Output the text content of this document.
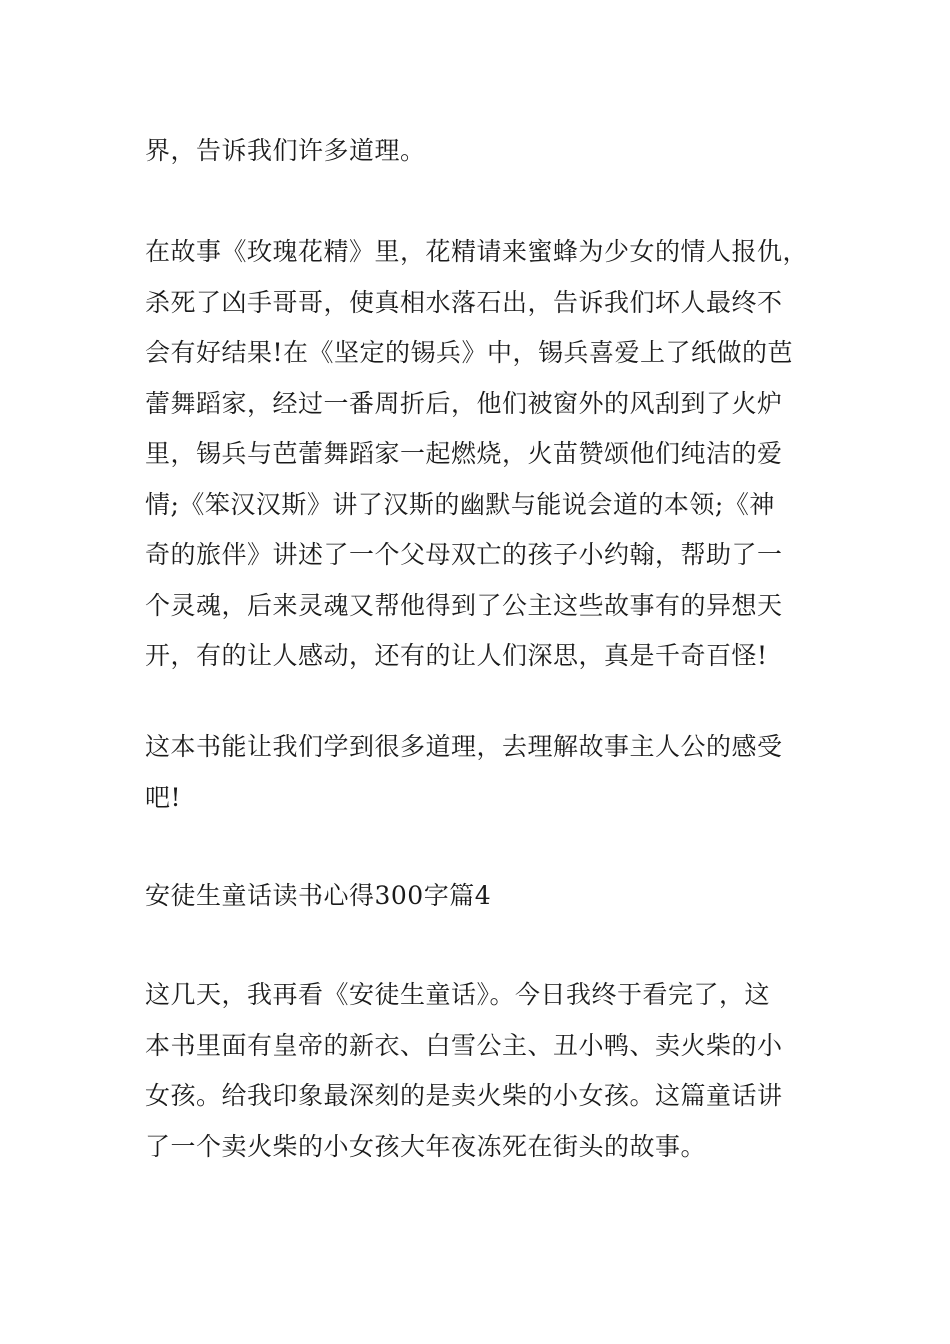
界，告诉我们许多道理。
在故事《玫瑰花精》里，花精请来蜜蜂为少女的情人报仇，
杀死了凶手哥哥，使真相水落石出，告诉我们坏人最终不
会有好结果!在《坚定的锡兵》中，锡兵喜爱上了纸做的芭
蕾舞蹈家，经过一番周折后，他们被窗外的风刮到了火炉
里，锡兵与芭蕾舞蹈家一起燃烧，火苗赞颂他们纯洁的爱
情;《笨汉汉斯》讲了汉斯的幽默与能说会道的本领;《神
奇的旅伴》讲述了一个父母双亡的孩子小约翰，帮助了一
个灵魂，后来灵魂又帮他得到了公主这些故事有的异想天
开，有的让人感动，还有的让人们深思，真是千奇百怪!
这本书能让我们学到很多道理，去理解故事主人公的感受
吧!
安徒生童话读书心得300字篇4
这几天，我再看《安徒生童话》。今日我终于看完了，这
本书里面有皇帝的新衣、白雪公主、丑小鸭、卖火柴的小
女孩。给我印象最深刻的是卖火柴的小女孩。这篇童话讲
了一个卖火柴的小女孩大年夜冻死在街头的故事。
